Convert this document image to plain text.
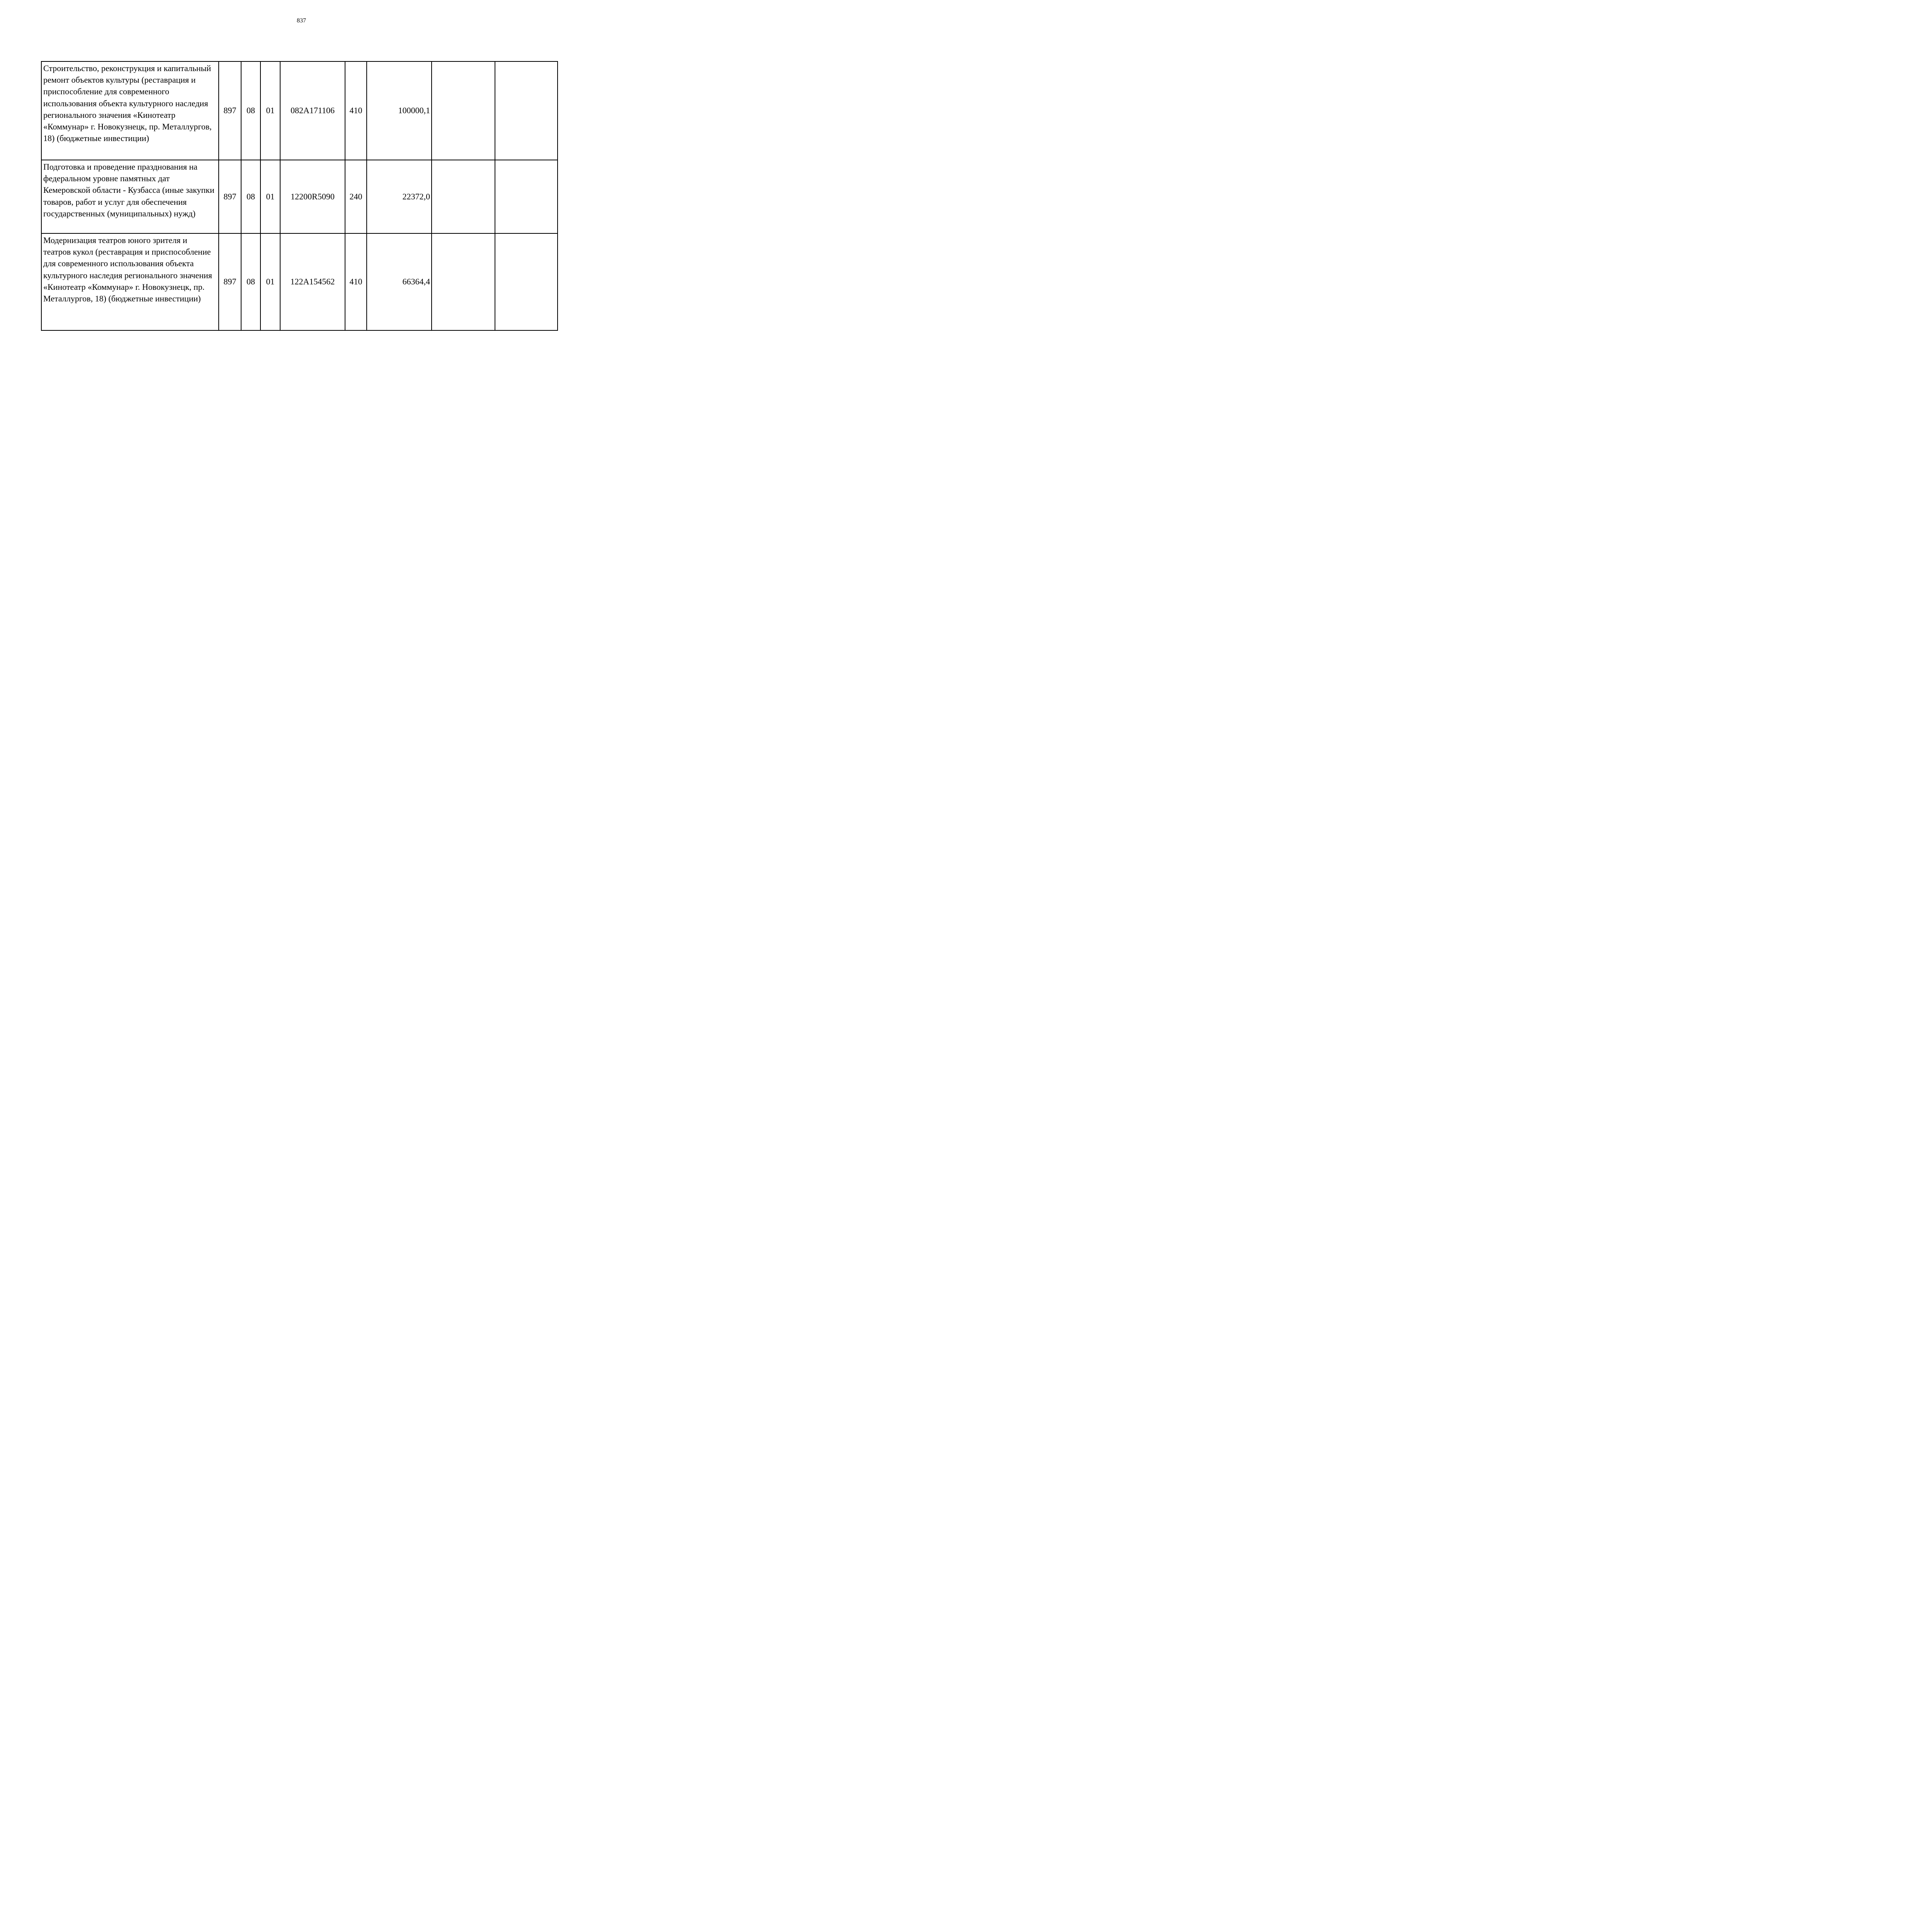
837
Строительство, реконструкция и капитальный ремонт объектов культуры (реставрация и приспособление для современного использования объекта культурного наследия регионального значения «Кинотеатр «Коммунар» г. Новокузнецк, пр. Металлургов, 18) (бюджетные инвестиции)	897	08	01	082A171106	410	100000,1		
Подготовка и проведение празднования на федеральном уровне памятных дат Кемеровской области - Кузбасса (иные закупки товаров, работ и услуг для обеспечения государственных (муниципальных) нужд)	897	08	01	12200R5090	240	22372,0		
Модернизация театров юного зрителя и театров кукол (реставрация и приспособление для современного использования объекта культурного наследия регионального значения «Кинотеатр «Коммунар» г. Новокузнецк, пр. Металлургов, 18) (бюджетные инвестиции)	897	08	01	122A154562	410	66364,4		
